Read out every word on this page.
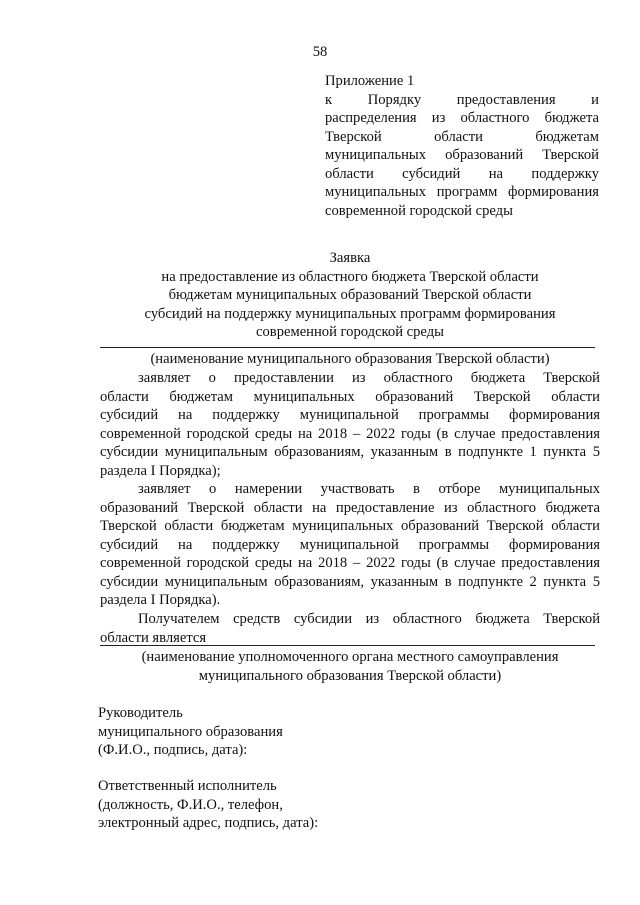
58
Приложение 1
к Порядку предоставления и
распределения из областного бюджета
Тверской области бюджетам
муниципальных образований Тверской
области субсидий на поддержку
муниципальных программ формирования
современной городской среды
Заявка
на предоставление из областного бюджета Тверской области
бюджетам муниципальных образований Тверской области
субсидий на поддержку муниципальных программ формирования
современной городской среды
(наименование муниципального образования Тверской области)
заявляет о предоставлении из областного бюджета Тверской
области бюджетам муниципальных образований Тверской области
субсидий на поддержку муниципальной программы формирования
современной городской среды на 2018 – 2022 годы (в случае предоставления
субсидии муниципальным образованиям, указанным в подпункте 1 пункта 5
раздела I Порядка);
заявляет о намерении участвовать в отборе муниципальных
образований Тверской области на предоставление из областного бюджета
Тверской области бюджетам муниципальных образований Тверской области
субсидий на поддержку муниципальной программы формирования
современной городской среды на 2018 – 2022 годы (в случае предоставления
субсидии муниципальным образованиям, указанным в подпункте 2 пункта 5
раздела I Порядка).
Получателем средств субсидии из областного бюджета Тверской
области является
(наименование уполномоченного органа местного самоуправления
муниципального образования Тверской области)
Руководитель
муниципального образования
(Ф.И.О., подпись, дата):
Ответственный исполнитель
(должность, Ф.И.О., телефон,
электронный адрес, подпись, дата):
